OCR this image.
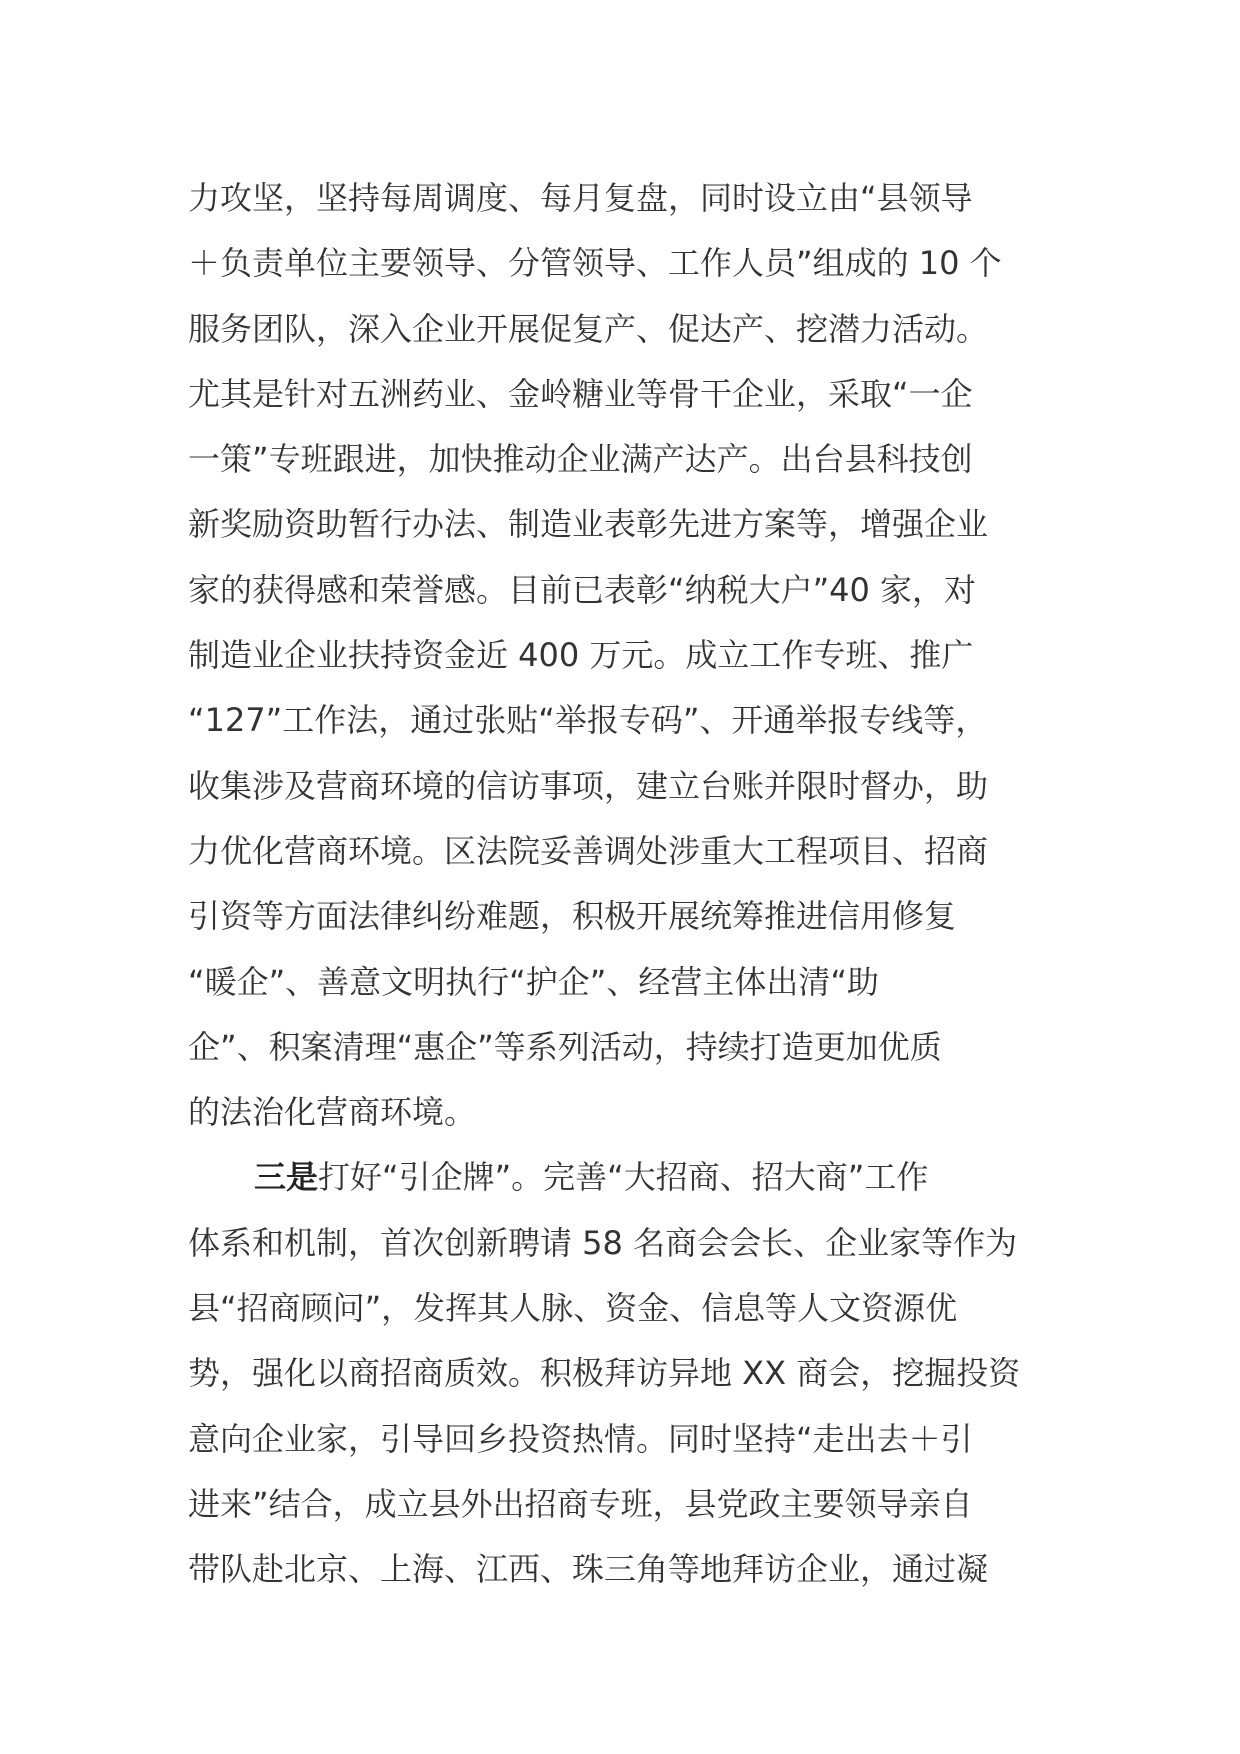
力攻坚，坚持每周调度、每月复盘，同时设立由“县领导
＋负责单位主要领导、分管领导、工作人员”组成的 10 个
服务团队，深入企业开展促复产、促达产、挖潜力活动。
尤其是针对五洲药业、金岭糖业等骨干企业，采取“一企
一策”专班跟进，加快推动企业满产达产。出台县科技创
新奖励资助暂行办法、制造业表彰先进方案等，增强企业
家的获得感和荣誉感。目前已表彰“纳税大户”40 家，对
制造业企业扶持资金近 400 万元。成立工作专班、推广
“127”工作法，通过张贴“举报专码”、开通举报专线等，
收集涉及营商环境的信访事项，建立台账并限时督办，助
力优化营商环境。区法院妥善调处涉重大工程项目、招商
引资等方面法律纠纷难题，积极开展统筹推进信用修复
“暖企”、善意文明执行“护企”、经营主体出清“助
企”、积案清理“惠企”等系列活动，持续打造更加优质
的法治化营商环境。
三是打好“引企牌”。完善“大招商、招大商”工作
体系和机制，首次创新聘请 58 名商会会长、企业家等作为
县“招商顾问”，发挥其人脉、资金、信息等人文资源优
势，强化以商招商质效。积极拜访异地 XX 商会，挖掘投资
意向企业家，引导回乡投资热情。同时坚持“走出去＋引
进来”结合，成立县外出招商专班，县党政主要领导亲自
带队赴北京、上海、江西、珠三角等地拜访企业，通过凝
